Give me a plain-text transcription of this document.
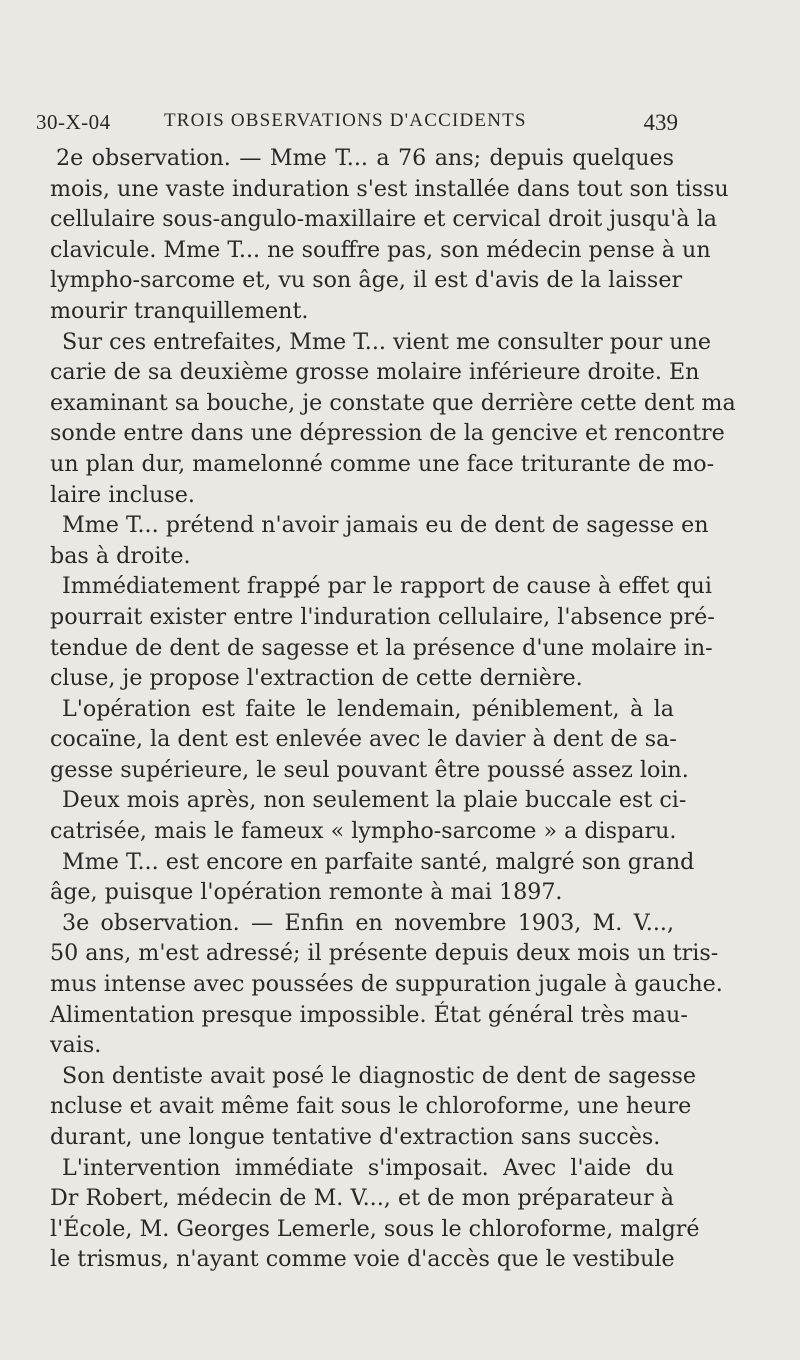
30-X-04	TROIS OBSERVATIONS D'ACCIDENTS	439
2e observation. — Mme T... a 76 ans; depuis quelques
mois, une vaste induration s'est installée dans tout son tissu
cellulaire sous-angulo-maxillaire et cervical droit jusqu'à la
clavicule. Mme T... ne souffre pas, son médecin pense à un
lympho-sarcome et, vu son âge, il est d'avis de la laisser
mourir tranquillement.
Sur ces entrefaites, Mme T... vient me consulter pour une
carie de sa deuxième grosse molaire inférieure droite. En
examinant sa bouche, je constate que derrière cette dent ma
sonde entre dans une dépression de la gencive et rencontre
un plan dur, mamelonné comme une face triturante de mo-
laire incluse.
Mme T... prétend n'avoir jamais eu de dent de sagesse en
bas à droite.
Immédiatement frappé par le rapport de cause à effet qui
pourrait exister entre l'induration cellulaire, l'absence pré-
tendue de dent de sagesse et la présence d'une molaire in-
cluse, je propose l'extraction de cette dernière.
L'opération est faite le lendemain, péniblement, à la
cocaïne, la dent est enlevée avec le davier à dent de sa-
gesse supérieure, le seul pouvant être poussé assez loin.
Deux mois après, non seulement la plaie buccale est ci-
catrisée, mais le fameux « lympho-sarcome » a disparu.
Mme T... est encore en parfaite santé, malgré son grand
âge, puisque l'opération remonte à mai 1897.
3e observation. — Enfin en novembre 1903, M. V...,
50 ans, m'est adressé; il présente depuis deux mois un tris-
mus intense avec poussées de suppuration jugale à gauche.
Alimentation presque impossible. État général très mau-
vais.
Son dentiste avait posé le diagnostic de dent de sagesse
ncluse et avait même fait sous le chloroforme, une heure
durant, une longue tentative d'extraction sans succès.
L'intervention immédiate s'imposait. Avec l'aide du
Dr Robert, médecin de M. V..., et de mon préparateur à
l'École, M. Georges Lemerle, sous le chloroforme, malgré
le trismus, n'ayant comme voie d'accès que le vestibule
